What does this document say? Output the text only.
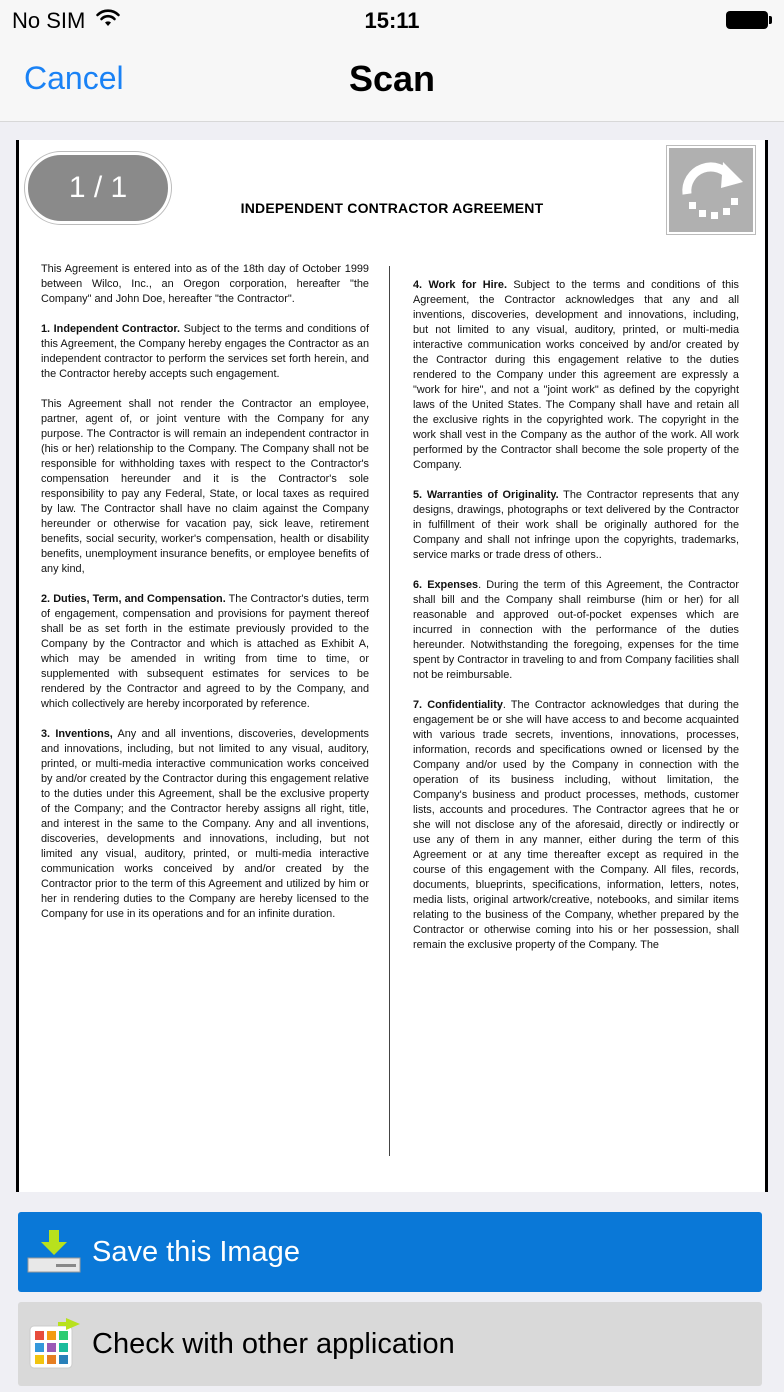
No SIM	15:11
Cancel	Scan
INDEPENDENT CONTRACTOR AGREEMENT

This Agreement is entered into as of the 18th day of October 1999 between Wilco, Inc., an Oregon corporation, hereafter "the Company" and John Doe, hereafter "the Contractor".

1. Independent Contractor. Subject to the terms and conditions of this Agreement, the Company hereby engages the Contractor as an independent contractor to perform the services set forth herein, and the Contractor hereby accepts such engagement.

This Agreement shall not render the Contractor an employee, partner, agent of, or joint venture with the Company for any purpose. The Contractor is will remain an independent contractor in (his or her) relationship to the Company. The Company shall not be responsible for withholding taxes with respect to the Contractor's compensation hereunder and it is the Contractor's sole responsibility to pay any Federal, State, or local taxes as required by law. The Contractor shall have no claim against the Company hereunder or otherwise for vacation pay, sick leave, retirement benefits, social security, worker's compensation, health or disability benefits, unemployment insurance benefits, or employee benefits of any kind,

2. Duties, Term, and Compensation. The Contractor's duties, term of engagement, compensation and provisions for payment thereof shall be as set forth in the estimate previously provided to the Company by the Contractor and which is attached as Exhibit A, which may be amended in writing from time to time, or supplemented with subsequent estimates for services to be rendered by the Contractor and agreed to by the Company, and which collectively are hereby incorporated by reference.

3. Inventions, Any and all inventions, discoveries, developments and innovations, including, but not limited to any visual, auditory, printed, or multi-media interactive communication works conceived by and/or created by the Contractor during this engagement relative to the duties under this Agreement, shall be the exclusive property of the Company; and the Contractor hereby assigns all right, title, and interest in the same to the Company. Any and all inventions, discoveries, developments and innovations, including, but not limited any visual, auditory, printed, or multi-media interactive communication works conceived by and/or created by the Contractor prior to the term of this Agreement and utilized by him or her in rendering duties to the Company are hereby licensed to the Company for use in its operations and for an infinite duration.

4. Work for Hire. Subject to the terms and conditions of this Agreement, the Contractor acknowledges that any and all inventions, discoveries, development and innovations, including, but not limited to any visual, auditory, printed, or multi-media interactive communication works conceived by and/or created by the Contractor during this engagement relative to the duties rendered to the Company under this agreement are expressly a "work for hire", and not a "joint work" as defined by the copyright laws of the United States. The Company shall have and retain all the exclusive rights in the copyrighted work. The copyright in the work shall vest in the Company as the author of the work. All work performed by the Contractor shall become the sole property of the Company.

5. Warranties of Originality. The Contractor represents that any designs, drawings, photographs or text delivered by the Contractor in fulfillment of their work shall be originally authored for the Company and shall not infringe upon the copyrights, trademarks, service marks or trade dress of others..

6. Expenses. During the term of this Agreement, the Contractor shall bill and the Company shall reimburse (him or her) for all reasonable and approved out-of-pocket expenses which are incurred in connection with the performance of the duties hereunder. Notwithstanding the foregoing, expenses for the time spent by Contractor in traveling to and from Company facilities shall not be reimbursable.

7. Confidentiality. The Contractor acknowledges that during the engagement be or she will have access to and become acquainted with various trade secrets, inventions, innovations, processes, information, records and specifications owned or licensed by the Company and/or used by the Company in connection with the operation of its business including, without limitation, the Company's business and product processes, methods, customer lists, accounts and procedures. The Contractor agrees that he or she will not disclose any of the aforesaid, directly or indirectly or use any of them in any manner, either during the term of this Agreement or at any time thereafter except as required in the course of this engagement with the Company. All files, records, documents, blueprints, specifications, information, letters, notes, media lists, original artwork/creative, notebooks, and similar items relating to the business of the Company, whether prepared by the Contractor or otherwise coming into his or her possession, shall remain the exclusive property of the Company. The

1 / 1
Save this Image
Check with other application
